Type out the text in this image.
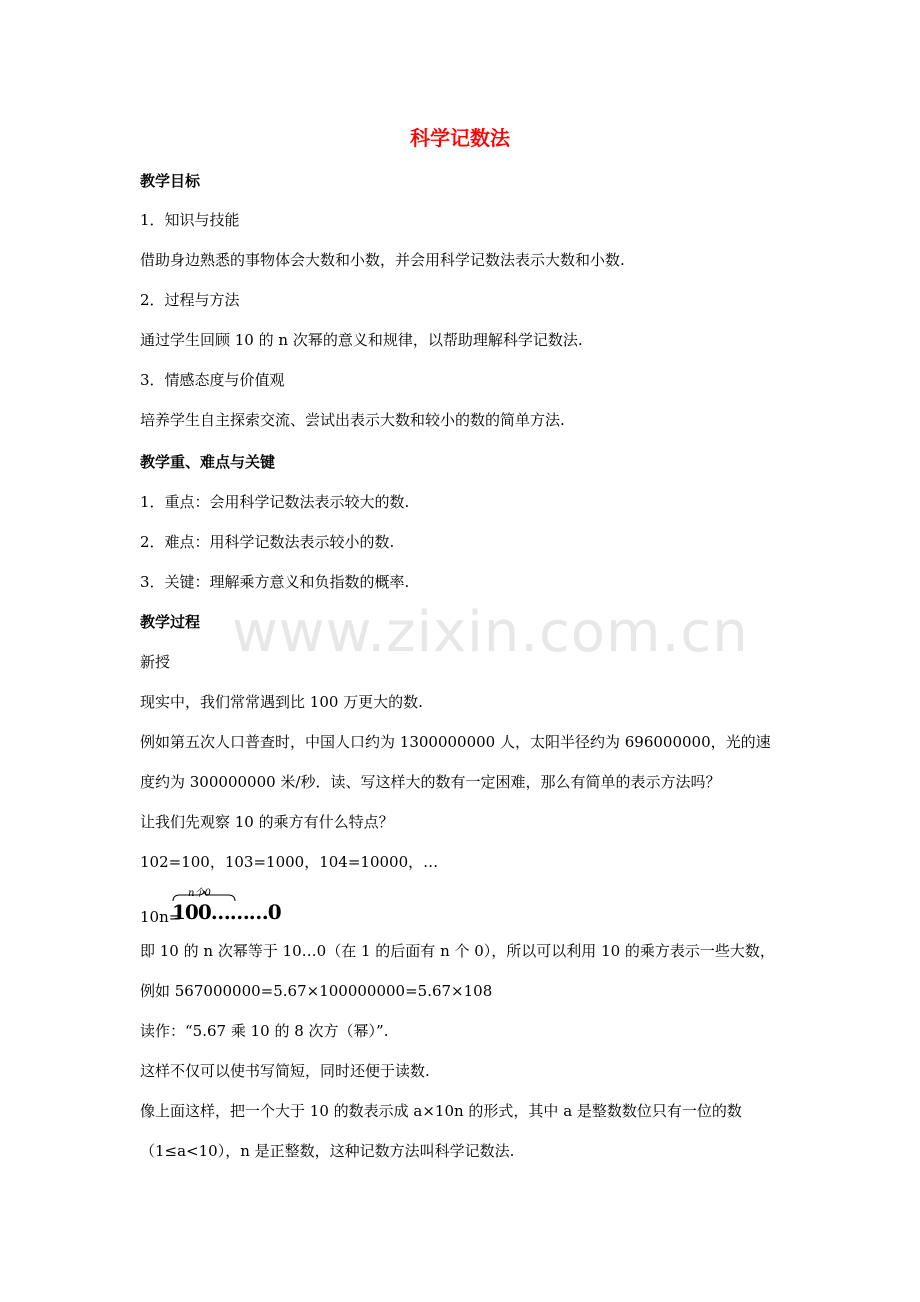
科学记数法
教学目标
1．知识与技能
借助身边熟悉的事物体会大数和小数，并会用科学记数法表示大数和小数.
2．过程与方法
通过学生回顾 10 的 n 次幂的意义和规律，以帮助理解科学记数法.
3．情感态度与价值观
培养学生自主探索交流、尝试出表示大数和较小的数的简单方法.
教学重、难点与关键
1．重点：会用科学记数法表示较大的数.
2．难点：用科学记数法表示较小的数.
3．关键：理解乘方意义和负指数的概率.
教学过程
新授
现实中，我们常常遇到比 100 万更大的数.
例如第五次人口普查时，中国人口约为 1300000000 人，太阳半径约为 696000000，光的速
度约为 300000000 米/秒．读、写这样大的数有一定困难，那么有简单的表示方法吗？
让我们先观察 10 的乘方有什么特点？
102=100，103=1000，104=10000，…
10n=
n个0
100………0
即 10 的 n 次幂等于 10…0（在 1 的后面有 n 个 0），所以可以利用 10 的乘方表示一些大数，
例如 567000000=5.67×100000000=5.67×108
读作：“5.67 乘 10 的 8 次方（幂）”.
这样不仅可以使书写简短，同时还便于读数.
像上面这样，把一个大于 10 的数表示成 a×10n 的形式，其中 a 是整数数位只有一位的数
（1≤a<10），n 是正整数，这种记数方法叫科学记数法.
www.zixin.com.cn
